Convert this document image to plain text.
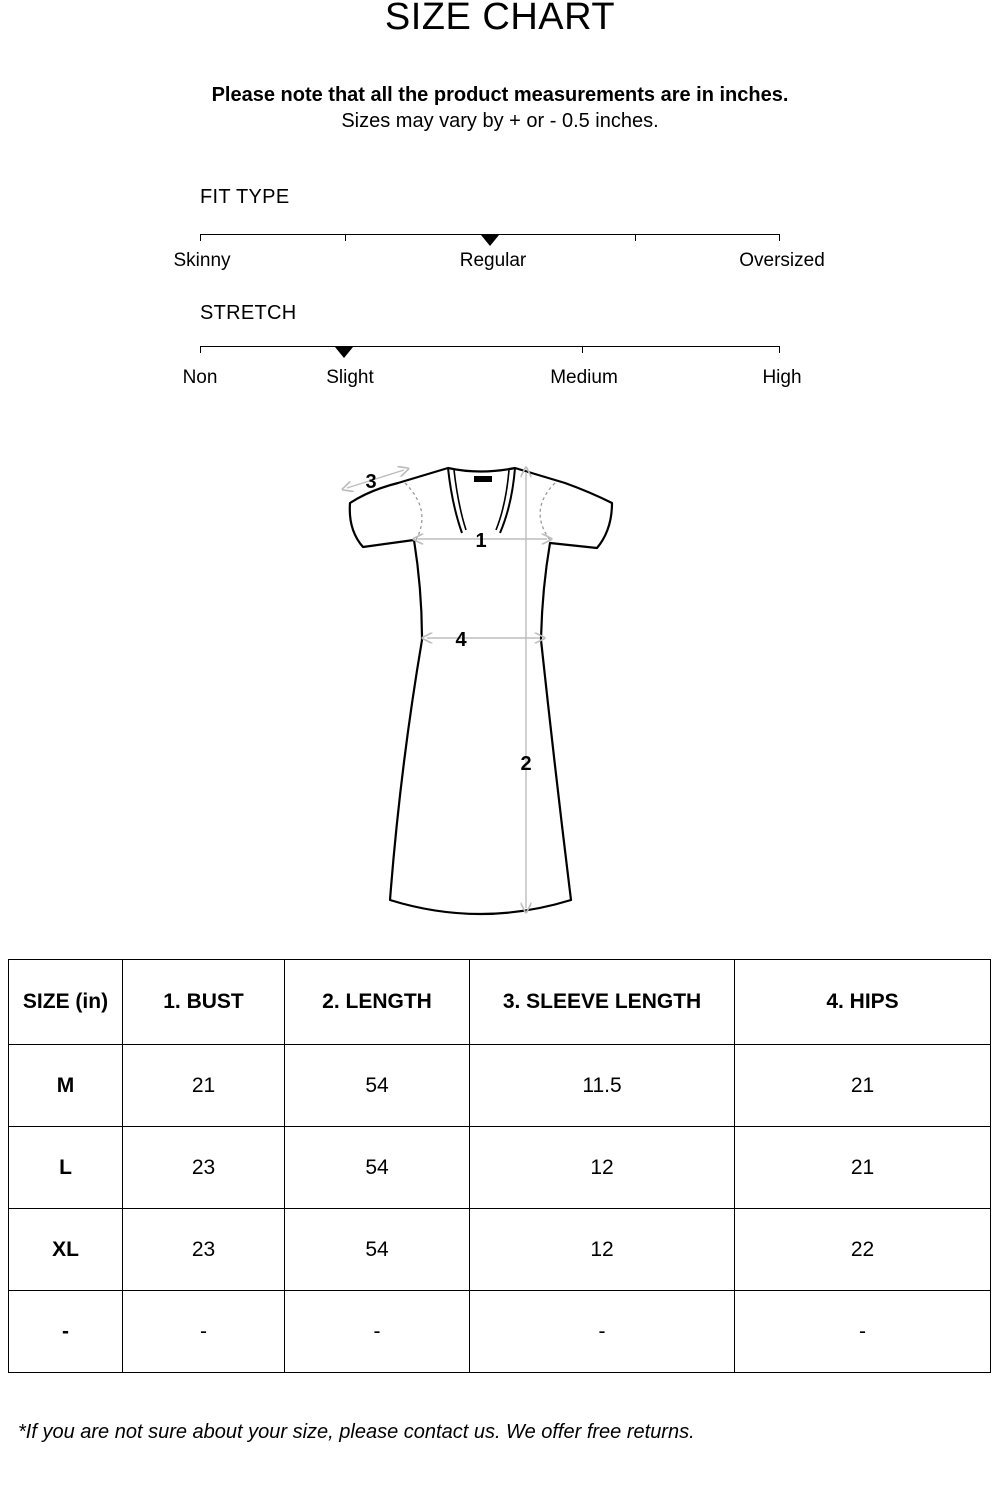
SIZE CHART
Please note that all the product measurements are in inches.
Sizes may vary by + or - 0.5 inches.
FIT TYPE
Skinny	Regular	Oversized
STRETCH
Non	Slight	Medium	High
1
2
3
4
SIZE (in)	1. BUST	2. LENGTH	3. SLEEVE LENGTH	4. HIPS
M	21	54	11.5	21
L	23	54	12	21
XL	23	54	12	22
-	-	-	-	-
*If you are not sure about your size, please contact us. We offer free returns.
